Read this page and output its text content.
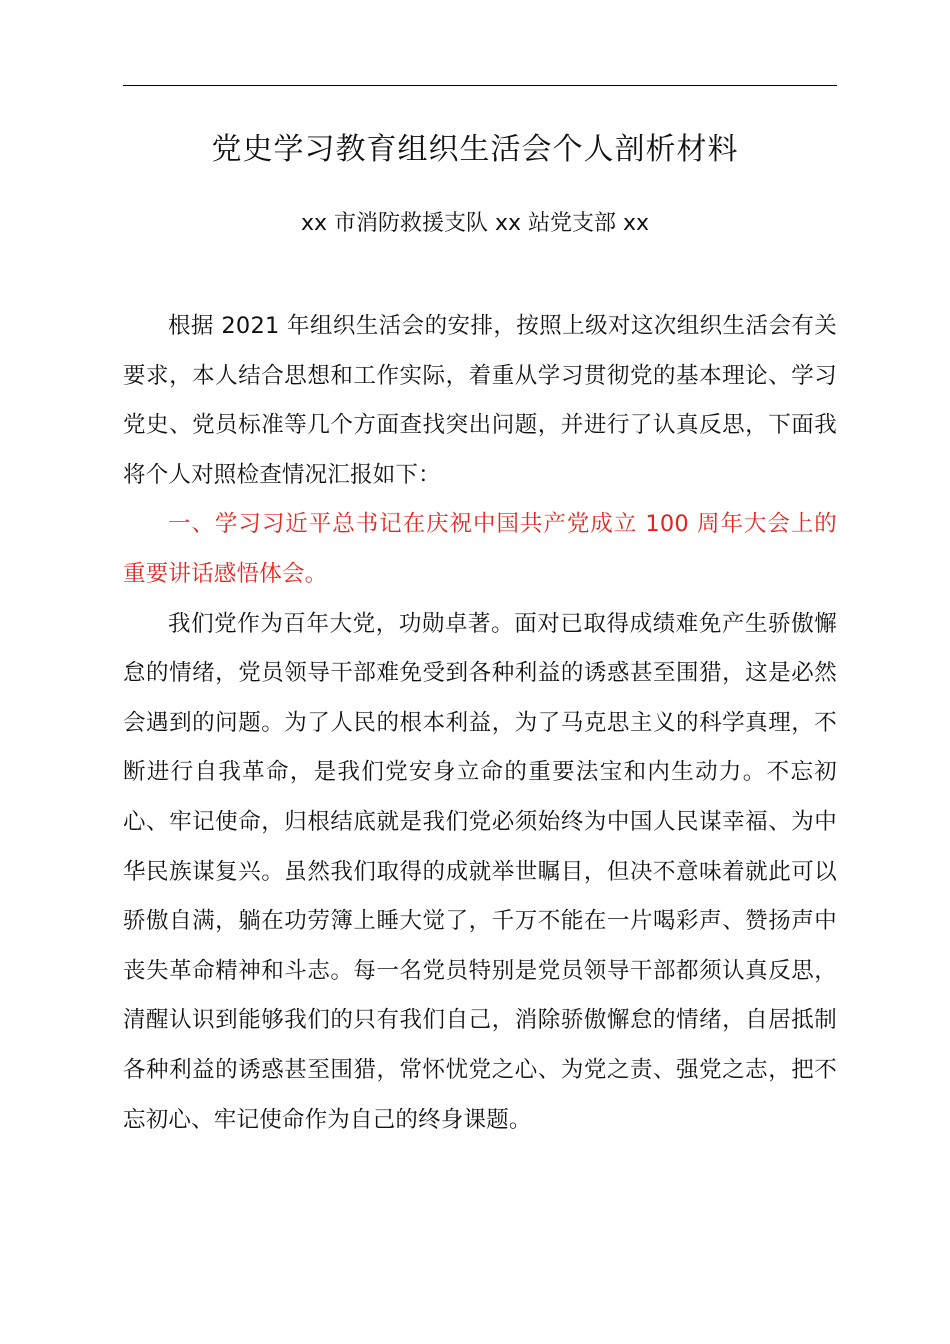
党史学习教育组织生活会个人剖析材料
xx 市消防救援支队 xx 站党支部 xx

根据 2021 年组织生活会的安排，按照上级对这次组织生活会有关要求，本人结合思想和工作实际，着重从学习贯彻党的基本理论、学习党史、党员标准等几个方面查找突出问题，并进行了认真反思，下面我将个人对照检查情况汇报如下：

一、学习习近平总书记在庆祝中国共产党成立 100 周年大会上的重要讲话感悟体会。

我们党作为百年大党，功勋卓著。面对已取得成绩难免产生骄傲懈怠的情绪，党员领导干部难免受到各种利益的诱惑甚至围猎，这是必然会遇到的问题。为了人民的根本利益，为了马克思主义的科学真理，不断进行自我革命，是我们党安身立命的重要法宝和内生动力。不忘初心、牢记使命，归根结底就是我们党必须始终为中国人民谋幸福、为中华民族谋复兴。虽然我们取得的成就举世瞩目，但决不意味着就此可以骄傲自满，躺在功劳簿上睡大觉了，千万不能在一片喝彩声、赞扬声中丧失革命精神和斗志。每一名党员特别是党员领导干部都须认真反思，清醒认识到能够我们的只有我们自己，消除骄傲懈怠的情绪，自居抵制各种利益的诱惑甚至围猎，常怀忧党之心、为党之责、强党之志，把不忘初心、牢记使命作为自己的终身课题。
